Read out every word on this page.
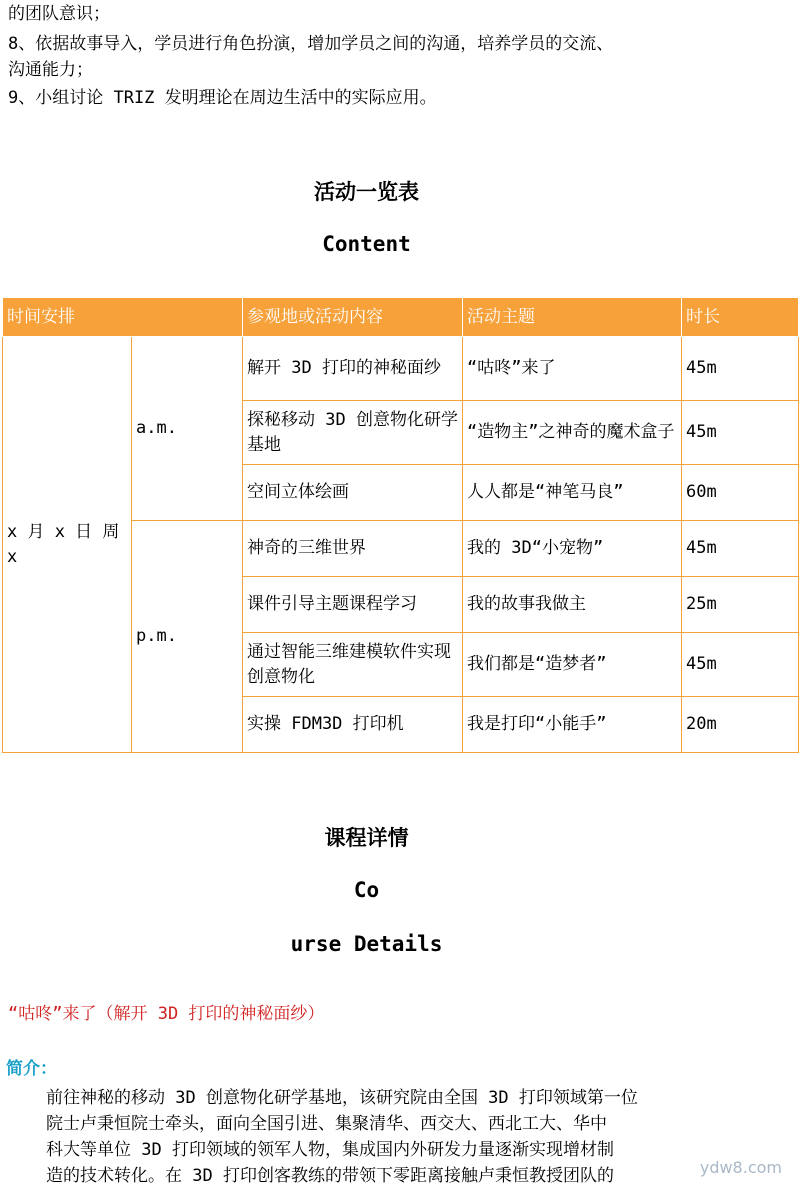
的团队意识；

8、依据故事导入，学员进行角色扮演，增加学员之间的沟通，培养学员的交流、

沟通能力；

9、小组讨论 TRIZ 发明理论在周边生活中的实际应用。

活动一览表
Content
时间安排		参观地或活动内容	活动主题	时长
x 月 x 日 周 x	a.m.	解开 3D 打印的神秘面纱	“咕咚”来了	45m
		探秘移动 3D 创意物化研学基地	“造物主”之神奇的魔术盒子	45m
		空间立体绘画	人人都是“神笔马良”	60m
	p.m.	神奇的三维世界	我的 3D“小宠物”	45m
		课件引导主题课程学习	我的故事我做主	25m
		通过智能三维建模软件实现创意物化	我们都是“造梦者”	45m
		实操 FDM3D 打印机	我是打印“小能手”	20m
课程详情
Co
urse Details

“咕咚”来了（解开 3D 打印的神秘面纱）

简介：

前往神秘的移动 3D 创意物化研学基地，该研究院由全国 3D 打印领域第一位

院士卢秉恒院士牵头，面向全国引进、集聚清华、西交大、西北工大、华中

科大等单位 3D 打印领域的领军人物，集成国内外研发力量逐渐实现增材制

造的技术转化。在 3D 打印创客教练的带领下零距离接触卢秉恒教授团队的	ydw8.com
